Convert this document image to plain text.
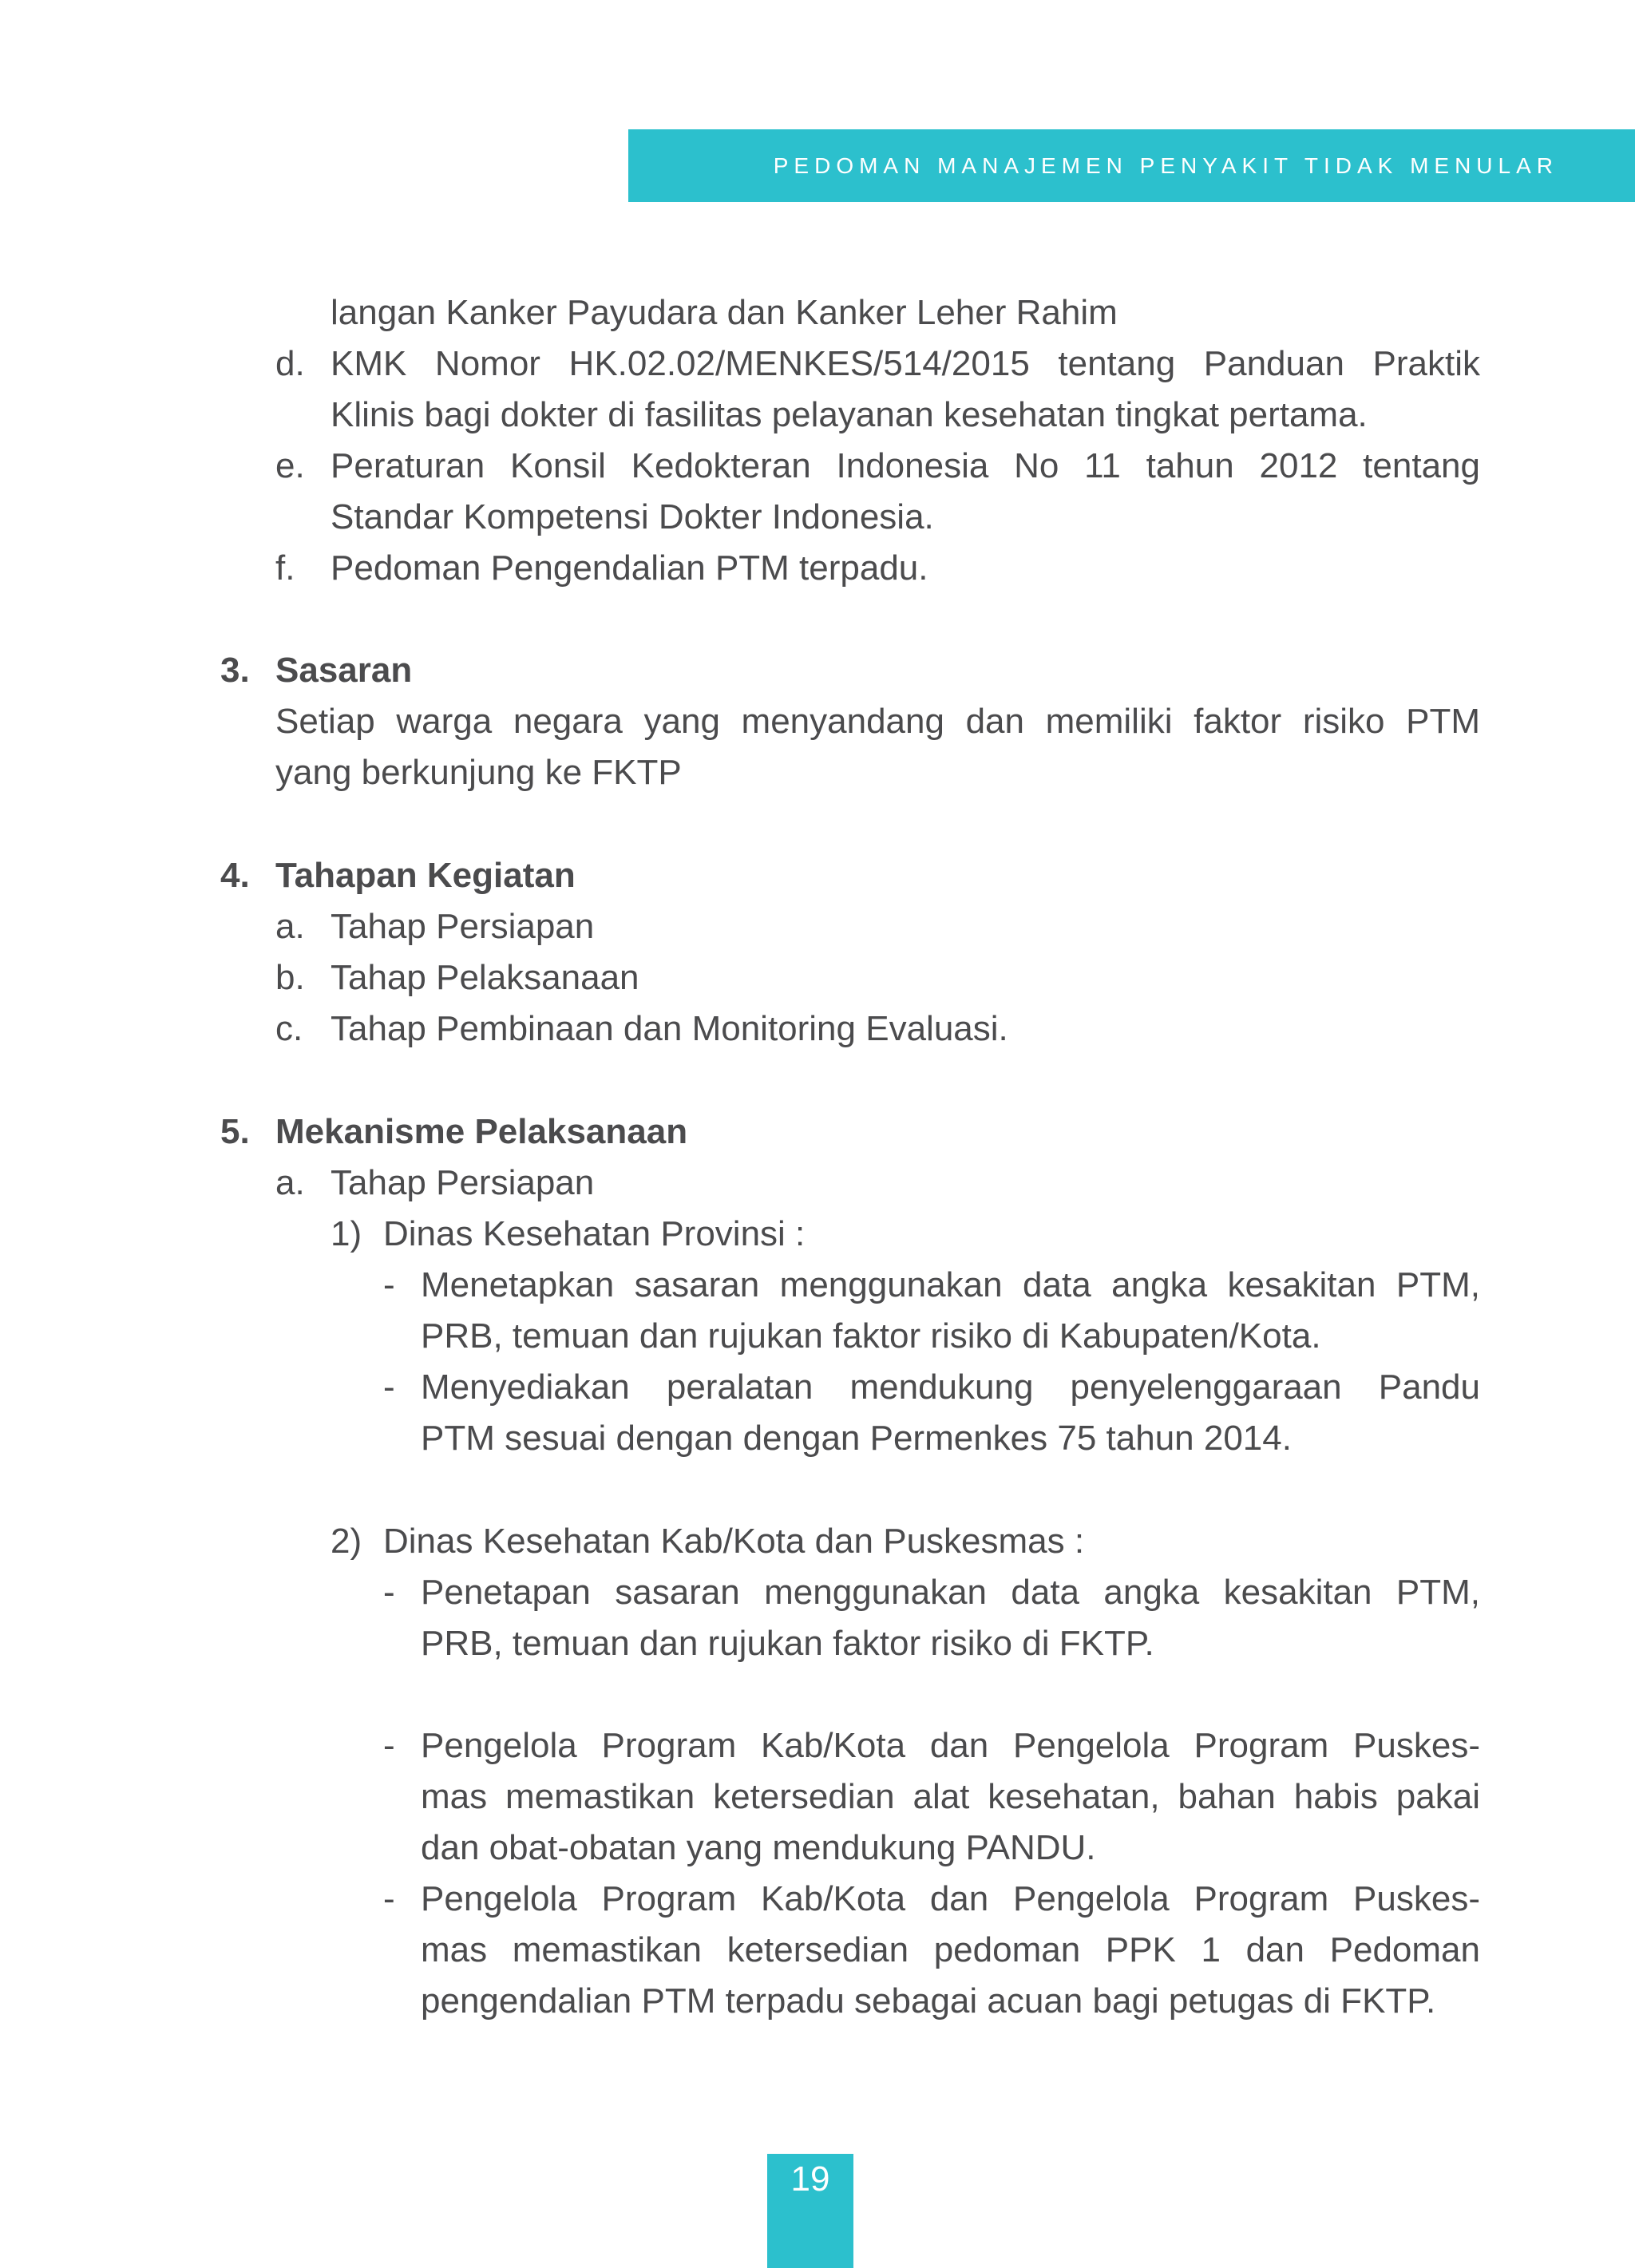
PEDOMAN MANAJEMEN PENYAKIT TIDAK MENULAR
langan Kanker Payudara dan Kanker Leher Rahim
d. KMK Nomor HK.02.02/MENKES/514/2015 tentang Panduan Praktik
Klinis bagi dokter di fasilitas pelayanan kesehatan tingkat pertama.
e. Peraturan Konsil Kedokteran Indonesia No 11 tahun 2012 tentang
Standar Kompetensi Dokter Indonesia.
f. Pedoman Pengendalian PTM terpadu.
3. Sasaran
Setiap warga negara yang menyandang dan memiliki faktor risiko PTM
yang berkunjung ke FKTP
4. Tahapan Kegiatan
a. Tahap Persiapan
b. Tahap Pelaksanaan
c. Tahap Pembinaan dan Monitoring Evaluasi.
5. Mekanisme Pelaksanaan
a. Tahap Persiapan
1) Dinas Kesehatan Provinsi :
- Menetapkan sasaran menggunakan data angka kesakitan PTM,
PRB, temuan dan rujukan faktor risiko di Kabupaten/Kota.
- Menyediakan peralatan mendukung penyelenggaraan Pandu
PTM sesuai dengan dengan Permenkes 75 tahun 2014.
2) Dinas Kesehatan Kab/Kota dan Puskesmas :
- Penetapan sasaran menggunakan data angka kesakitan PTM,
PRB, temuan dan rujukan faktor risiko di FKTP.
- Pengelola Program Kab/Kota dan Pengelola Program Puskes-
mas memastikan ketersedian alat kesehatan, bahan habis pakai
dan obat-obatan yang mendukung PANDU.
- Pengelola Program Kab/Kota dan Pengelola Program Puskes-
mas memastikan ketersedian pedoman PPK 1 dan Pedoman
pengendalian PTM terpadu sebagai acuan bagi petugas di FKTP.
19
